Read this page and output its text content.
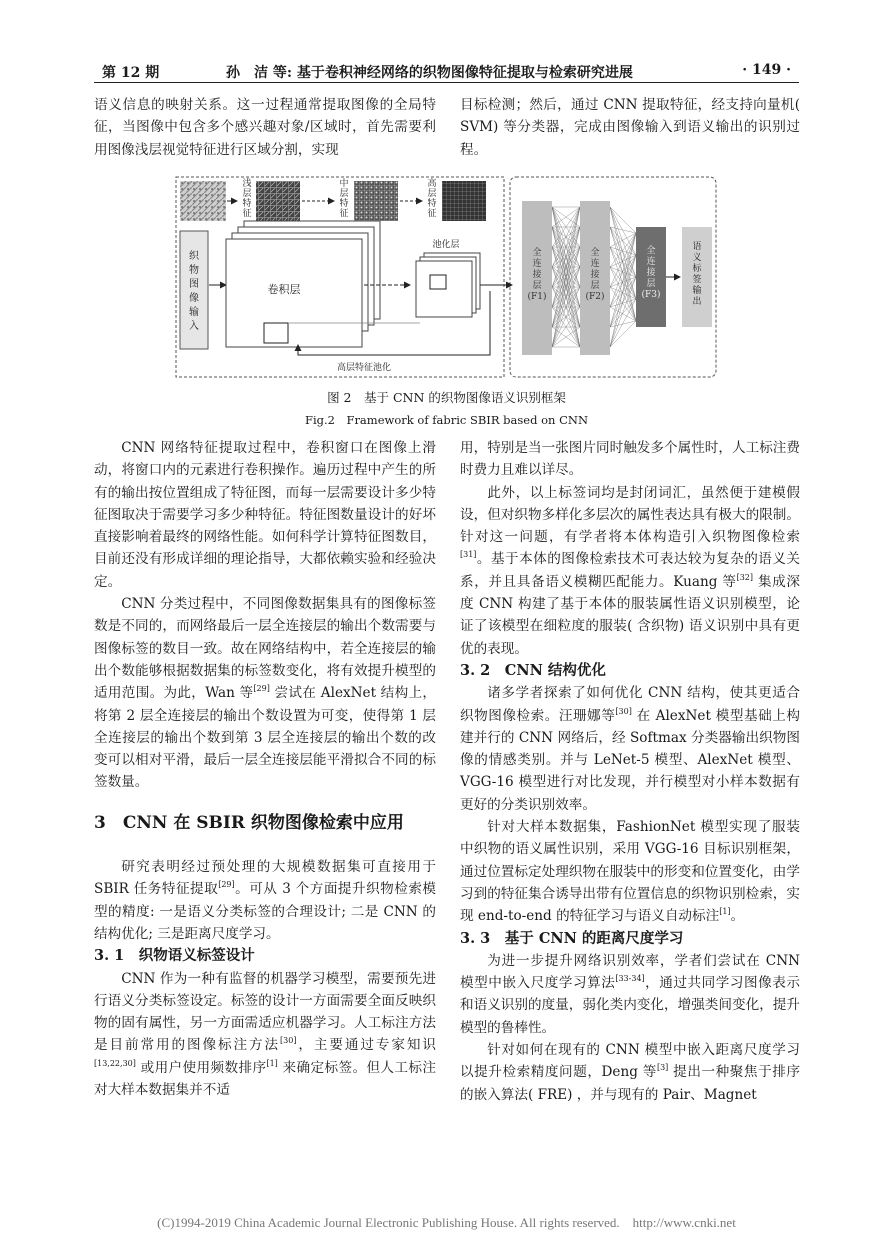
第 12 期	孙　洁 等: 基于卷积神经网络的织物图像特征提取与检索研究进展	· 149 ·

语义信息的映射关系。这一过程通常提取图像的全局特征，当图像中包含多个感兴趣对象/区域时，首先需要利用图像浅层视觉特征进行区域分割，实现

目标检测；然后，通过 CNN 提取特征，经支持向量机( SVM) 等分类器，完成由图像输入到语义输出的识别过程。

浅
层
特
征
中
层
特
征
高
层
特
征
织
物
图
像
输
入
卷积层
池化层
高层特征池化
全
连
接
层
(F1)
全
连
接
层
(F2)
全
连
接
层
(F3)
语
义
标
签
输
出
图 2　基于 CNN 的织物图像语义识别框架
Fig.2　Framework of fabric SBIR based on CNN

CNN 网络特征提取过程中，卷积窗口在图像上滑动，将窗口内的元素进行卷积操作。遍历过程中产生的所有的输出按位置组成了特征图，而每一层需要设计多少特征图取决于需要学习多少种特征。特征图数量设计的好坏直接影响着最终的网络性能。如何科学计算特征图数目，目前还没有形成详细的理论指导，大都依赖实验和经验决定。

CNN 分类过程中，不同图像数据集具有的图像标签数是不同的，而网络最后一层全连接层的输出个数需要与图像标签的数目一致。故在网络结构中，若全连接层的输出个数能够根据数据集的标签数变化，将有效提升模型的适用范围。为此，Wan 等[29] 尝试在 AlexNet 结构上，将第 2 层全连接层的输出个数设置为可变，使得第 1 层全连接层的输出个数到第 3 层全连接层的输出个数的改变可以相对平滑，最后一层全连接层能平滑拟合不同的标签数量。

3　CNN 在 SBIR 织物图像检索中应用

研究表明经过预处理的大规模数据集可直接用于 SBIR 任务特征提取[29]。可从 3 个方面提升织物检索模型的精度: 一是语义分类标签的合理设计; 二是 CNN 的结构优化; 三是距离尺度学习。

3. 1　织物语义标签设计

CNN 作为一种有监督的机器学习模型，需要预先进行语义分类标签设定。标签的设计一方面需要全面反映织物的固有属性，另一方面需适应机器学习。人工标注方法是目前常用的图像标注方法[30]，主要通过专家知识[13,22,30] 或用户使用频数排序[1] 来确定标签。但人工标注对大样本数据集并不适

用，特别是当一张图片同时触发多个属性时，人工标注费时费力且难以详尽。

此外，以上标签词均是封闭词汇，虽然便于建模假设，但对织物多样化多层次的属性表达具有极大的限制。针对这一问题，有学者将本体构造引入织物图像检索[31]。基于本体的图像检索技术可表达较为复杂的语义关系，并且具备语义模糊匹配能力。Kuang 等[32] 集成深度 CNN 构建了基于本体的服装属性语义识别模型，论证了该模型在细粒度的服装( 含织物) 语义识别中具有更优的表现。

3. 2　CNN 结构优化

诸多学者探索了如何优化 CNN 结构，使其更适合织物图像检索。汪珊娜等[30] 在 AlexNet 模型基础上构建并行的 CNN 网络后，经 Softmax 分类器输出织物图像的情感类别。并与 LeNet-5 模型、AlexNet 模型、VGG-16 模型进行对比发现，并行模型对小样本数据有更好的分类识别效率。

针对大样本数据集，FashionNet 模型实现了服装中织物的语义属性识别，采用 VGG-16 目标识别框架，通过位置标定处理织物在服装中的形变和位置变化，由学习到的特征集合诱导出带有位置信息的织物识别检索，实现 end-to-end 的特征学习与语义自动标注[1]。

3. 3　基于 CNN 的距离尺度学习

为进一步提升网络识别效率，学者们尝试在 CNN 模型中嵌入尺度学习算法[33-34]，通过共同学习图像表示和语义识别的度量，弱化类内变化，增强类间变化，提升模型的鲁棒性。

针对如何在现有的 CNN 模型中嵌入距离尺度学习以提升检索精度问题，Deng 等[3] 提出一种聚焦于排序的嵌入算法( FRE) ，并与现有的 Pair、Magnet

(C)1994-2019 China Academic Journal Electronic Publishing House. All rights reserved.　http://www.cnki.net
